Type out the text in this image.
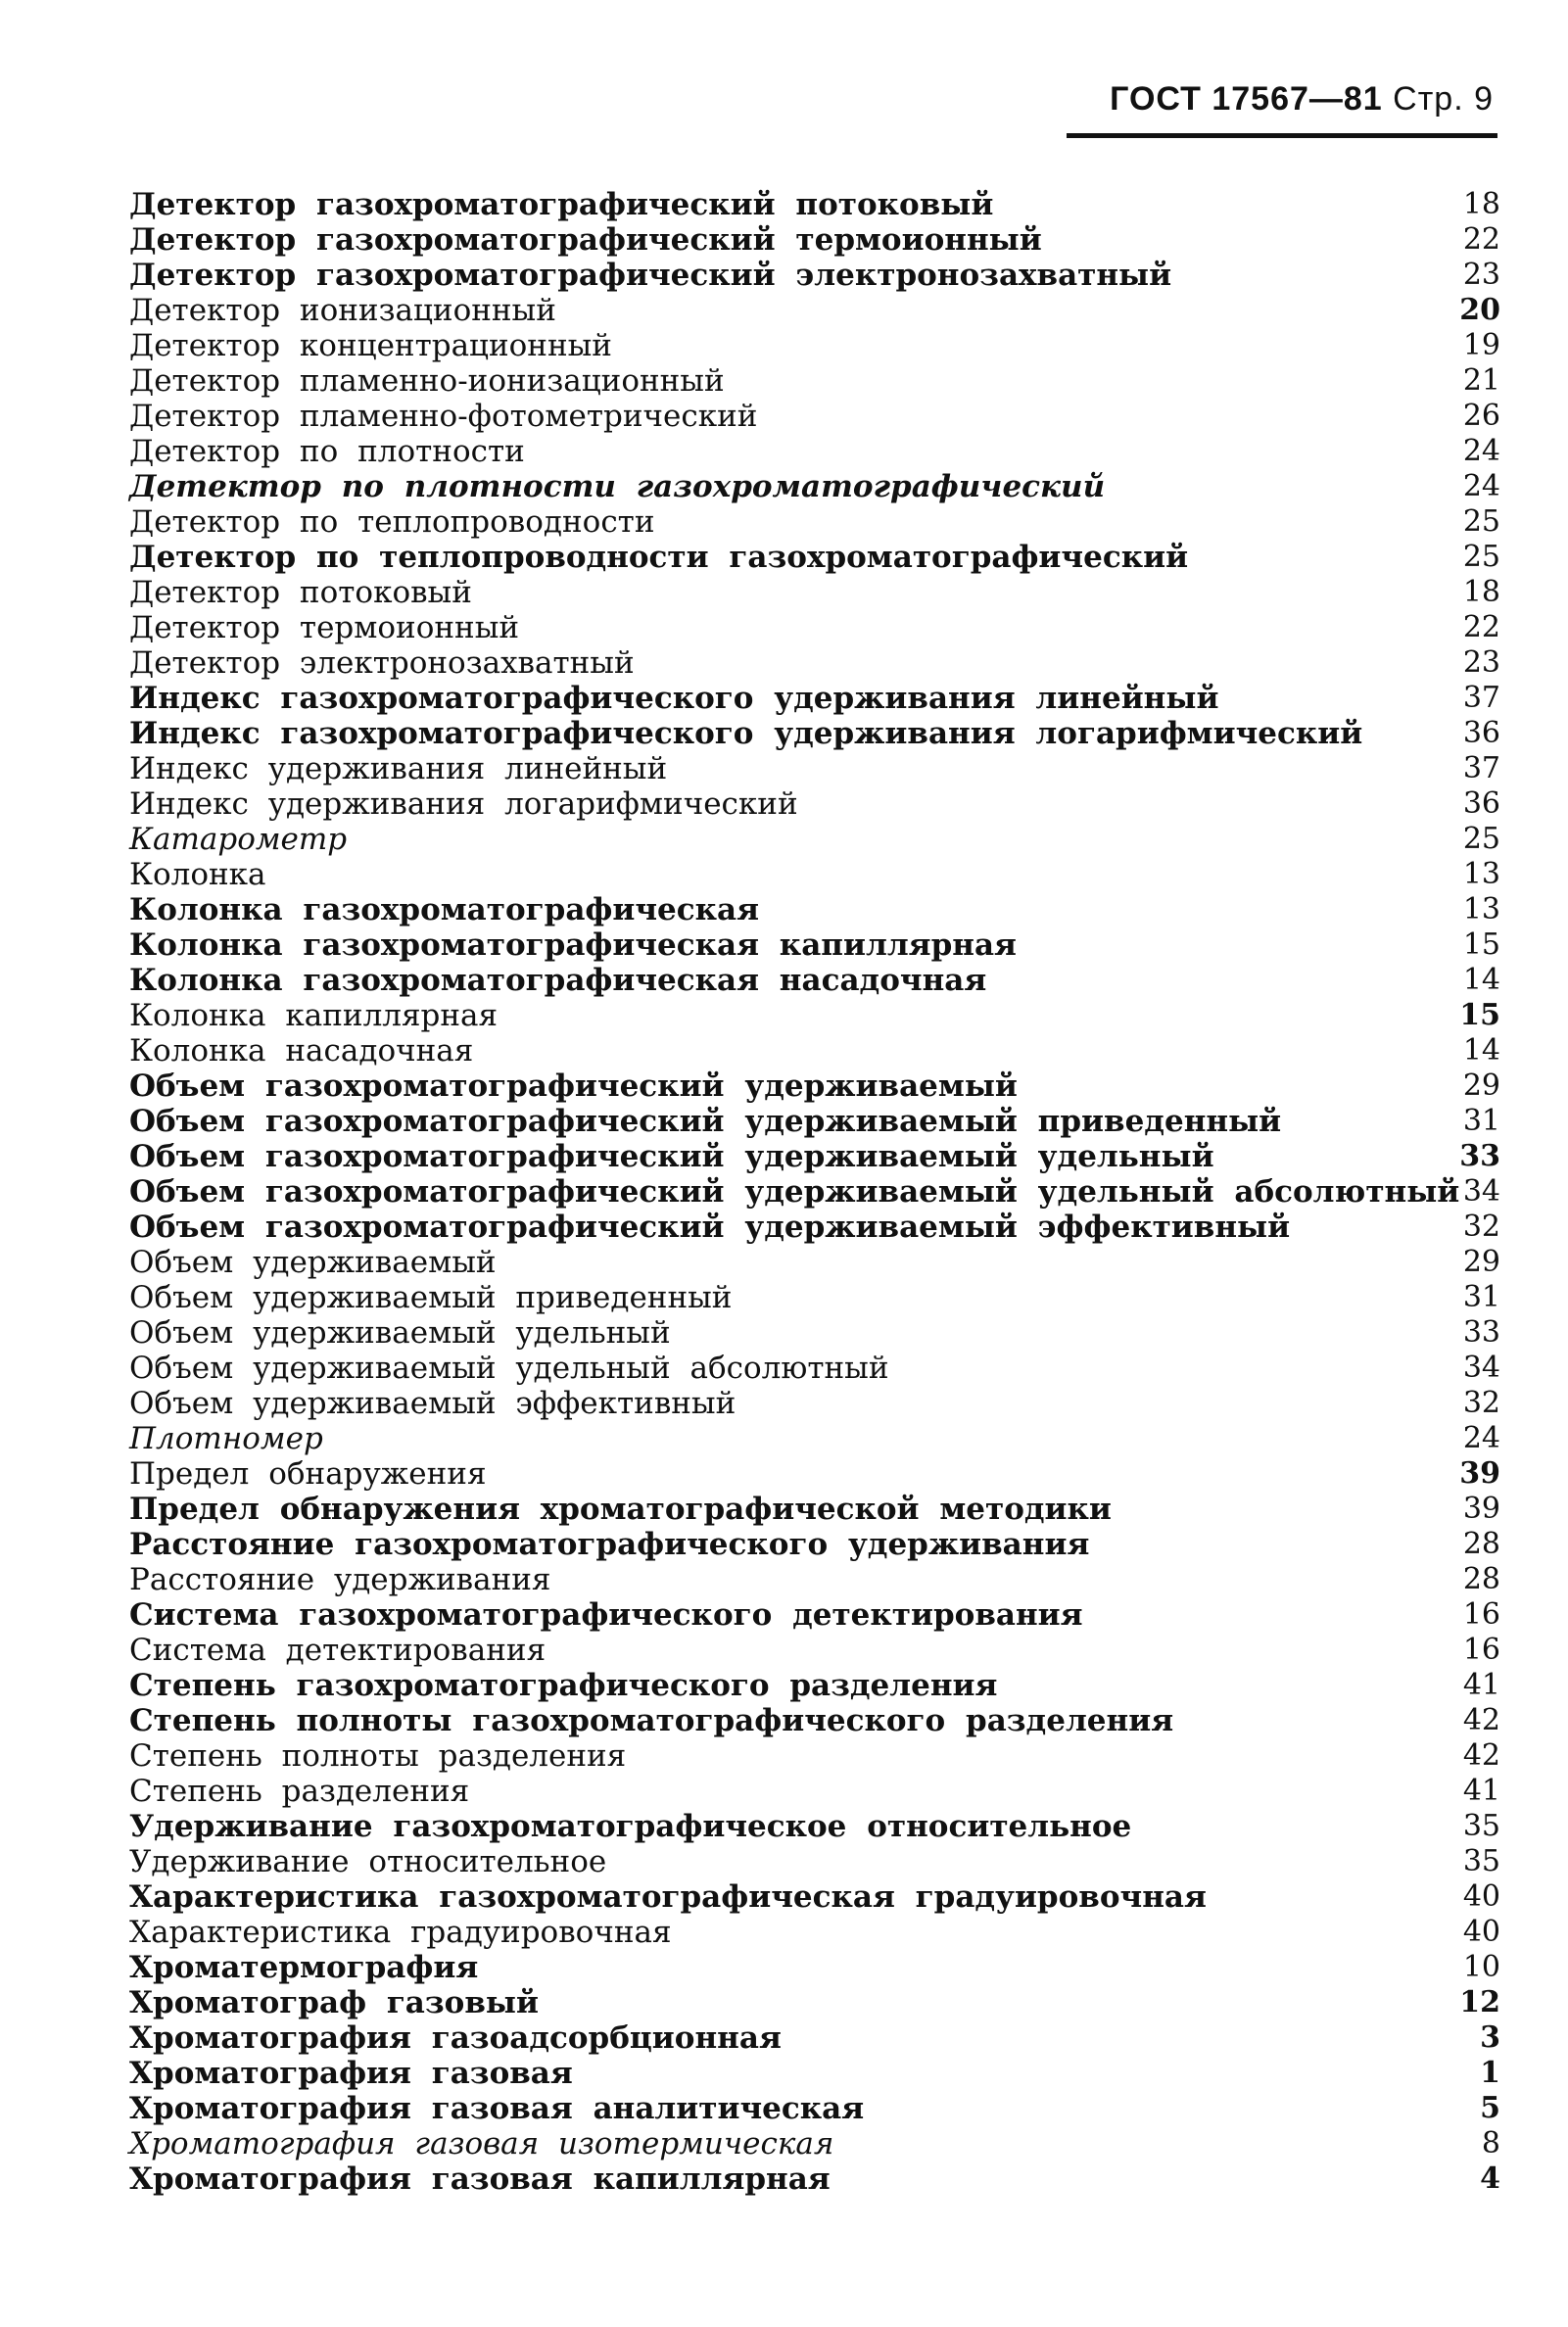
ГОСТ 17567—81 Стр. 9
Детектор газохроматографический потоковый	18
Детектор газохроматографический термоионный	22
Детектор газохроматографический электронозахватный	23
Детектор ионизационный	20
Детектор концентрационный	19
Детектор пламенно-ионизационный	21
Детектор пламенно-фотометрический	26
Детектор по плотности	24
Детектор по плотности газохроматографический	24
Детектор по теплопроводности	25
Детектор по теплопроводности газохроматографический	25
Детектор потоковый	18
Детектор термоионный	22
Детектор электронозахватный	23
Индекс газохроматографического удерживания линейный	37
Индекс газохроматографического удерживания логарифмический	36
Индекс удерживания линейный	37
Индекс удерживания логарифмический	36
Катарометр	25
Колонка	13
Колонка газохроматографическая	13
Колонка газохроматографическая капиллярная	15
Колонка газохроматографическая насадочная	14
Колонка капиллярная	15
Колонка насадочная	14
Объем газохроматографический удерживаемый	29
Объем газохроматографический удерживаемый приведенный	31
Объем газохроматографический удерживаемый удельный	33
Объем газохроматографический удерживаемый удельный абсолютный 34
Объем газохроматографический удерживаемый эффективный	32
Объем удерживаемый	29
Объем удерживаемый приведенный	31
Объем удерживаемый удельный	33
Объем удерживаемый удельный абсолютный	34
Объем удерживаемый эффективный	32
Плотномер	24
Предел обнаружения	39
Предел обнаружения хроматографической методики	39
Расстояние газохроматографического удерживания	28
Расстояние удерживания	28
Система газохроматографического детектирования	16
Система детектирования	16
Степень газохроматографического разделения	41
Степень полноты газохроматографического разделения	42
Степень полноты разделения	42
Степень разделения	41
Удерживание газохроматографическое относительное	35
Удерживание относительное	35
Характеристика газохроматографическая градуировочная	40
Характеристика градуировочная	40
Хроматермография	10
Хроматограф газовый	12
Хроматография газоадсорбционная	3
Хроматография газовая	1
Хроматография газовая аналитическая	5
Хроматография газовая изотермическая	8
Хроматография газовая капиллярная	4
